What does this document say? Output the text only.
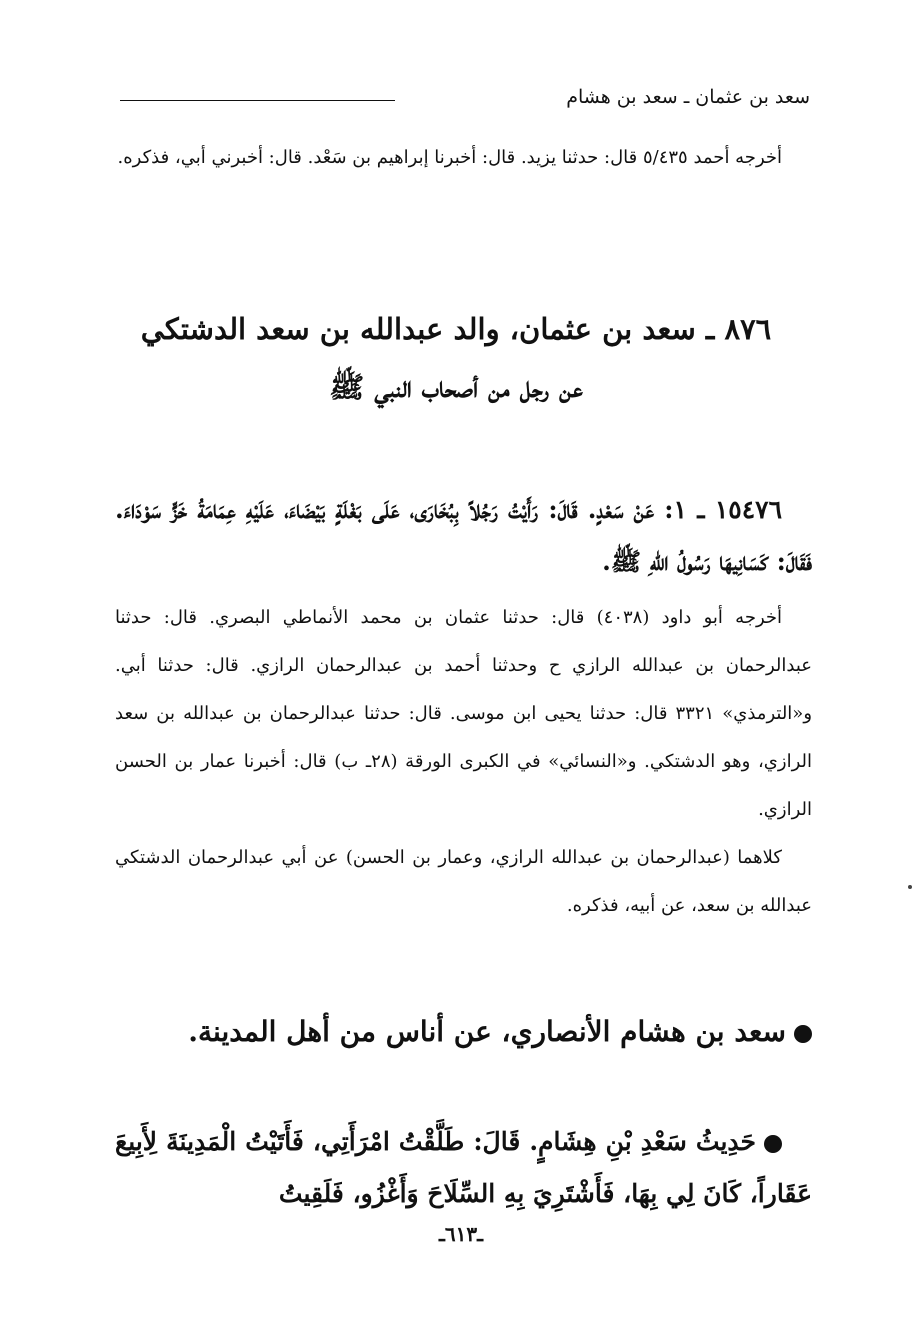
سعد بن عثمان ـ سعد بن هشام

أخرجه أحمد ٥/٤٣٥ قال: حدثنا يزيد. قال: أخبرنا إبراهيم بن سَعْد. قال: أخبرني أبي، فذكره.

٨٧٦ ـ سعد بن عثمان، والد عبدالله بن سعد الدشتكي
عن رجل من أصحاب النبي ﷺ

١٥٤٧٦ ـ ١: عَنْ سَعْدٍ. قَالَ: رَأَيْتُ رَجُلاً بِبُخَارَى، عَلَى بَغْلَةٍ بَيْضَاءَ، عَلَيْهِ عِمَامَةُ خَزٍّ سَوْدَاءَ. فَقَالَ: كَسَانِيهَا رَسُولُ اللهِ ﷺ.

أخرجه أبو داود (٤٠٣٨) قال: حدثنا عثمان بن محمد الأنماطي البصري. قال: حدثنا عبدالرحمان بن عبدالله الرازي ح وحدثنا أحمد بن عبدالرحمان الرازي. قال: حدثنا أبي. و«الترمذي» ٣٣٢١ قال: حدثنا يحيى ابن موسى. قال: حدثنا عبدالرحمان بن عبدالله بن سعد الرازي، وهو الدشتكي. و«النسائي» في الكبرى الورقة (٢٨ـ ب) قال: أخبرنا عمار بن الحسن الرازي.

كلاهما (عبدالرحمان بن عبدالله الرازي، وعمار بن الحسن) عن أبي عبدالرحمان الدشتكي عبدالله بن سعد، عن أبيه، فذكره.

سعد بن هشام الأنصاري، عن أناس من أهل المدينة.

حَدِيثُ سَعْدِ بْنِ هِشَامٍ. قَالَ: طَلَّقْتُ امْرَأَتِي، فَأَتَيْتُ الْمَدِينَةَ لِأَبِيعَ عَقَاراً، كَانَ لِي بِهَا، فَأَشْتَرِيَ بِهِ السِّلَاحَ وَأَغْزُو، فَلَقِيتُ

ـ٦١٣ـ
